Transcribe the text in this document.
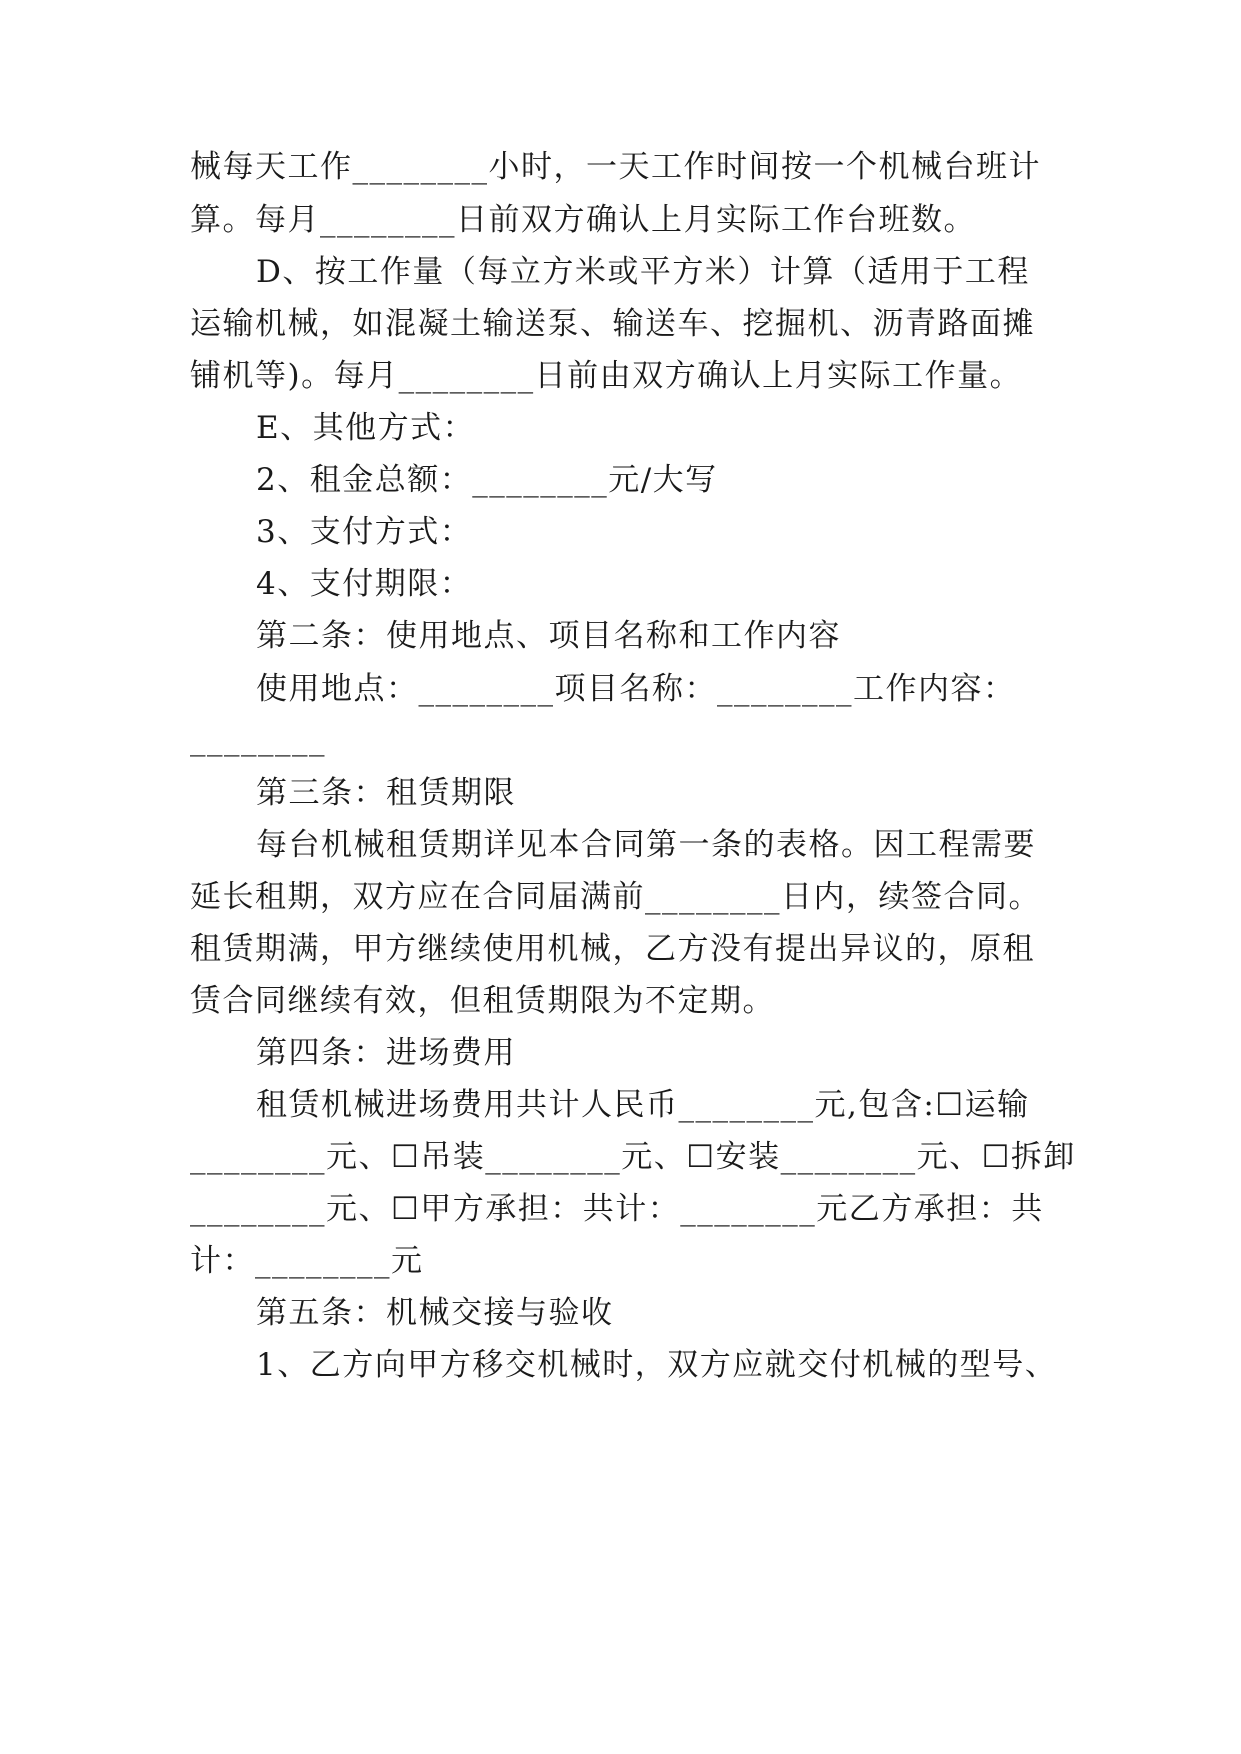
械每天工作________小时，一天工作时间按一个机械台班计
算。每月________日前双方确认上月实际工作台班数。
D、按工作量（每立方米或平方米）计算（适用于工程
运输机械，如混凝土输送泵、输送车、挖掘机、沥青路面摊
铺机等)。每月________日前由双方确认上月实际工作量。
E、其他方式：
2、租金总额：________元/大写
3、支付方式：
4、支付期限：
第二条：使用地点、项目名称和工作内容
使用地点：________项目名称：________工作内容：
________
第三条：租赁期限
每台机械租赁期详见本合同第一条的表格。因工程需要
延长租期，双方应在合同届满前________日内，续签合同。
租赁期满，甲方继续使用机械，乙方没有提出异议的，原租
赁合同继续有效，但租赁期限为不定期。
第四条：进场费用
租赁机械进场费用共计人民币________元,包含:☐运输
________元、☐吊装________元、☐安装________元、☐拆卸
________元、☐甲方承担：共计：________元乙方承担：共
计：________元
第五条：机械交接与验收
1、乙方向甲方移交机械时，双方应就交付机械的型号、
